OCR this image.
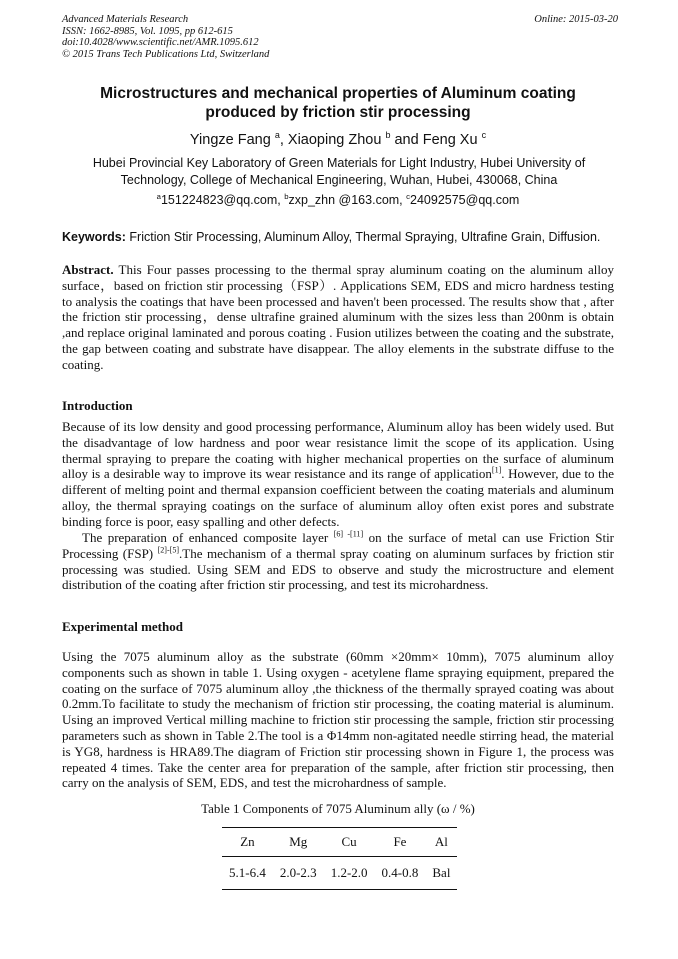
Advanced Materials Research
ISSN: 1662-8985, Vol. 1095, pp 612-615
doi:10.4028/www.scientific.net/AMR.1095.612
© 2015 Trans Tech Publications Ltd, Switzerland
Online: 2015-03-20
Microstructures and mechanical properties of Aluminum coating
produced by friction stir processing
Yingze Fang $^a$, Xiaoping Zhou $^b$ and Feng Xu $^c$
Hubei Provincial Key Laboratory of Green Materials for Light Industry, Hubei University of Technology, College of Mechanical Engineering, Wuhan, Hubei, 430068, China
$^a$151224823@qq.com, $^b$zxp_zhn @163.com, $^c$24092575@qq.com
Keywords: Friction Stir Processing, Aluminum Alloy, Thermal Spraying, Ultrafine Grain, Diffusion.
Abstract. This Four passes processing to the thermal spray aluminum coating on the aluminum alloy surface，based on friction stir processing（FSP）. Applications SEM, EDS and micro hardness testing to analysis the coatings that have been processed and haven't been processed. The results show that , after the friction stir processing，dense ultrafine grained aluminum with the sizes less than 200nm is obtain ,and replace original laminated and porous coating . Fusion utilizes between the coating and the substrate, the gap between coating and substrate have disappear. The alloy elements in the substrate diffuse to the coating.
Introduction
Because of its low density and good processing performance, Aluminum alloy has been widely used. But the disadvantage of low hardness and poor wear resistance limit the scope of its application. Using thermal spraying to prepare the coating with higher mechanical properties on the surface of aluminum alloy is a desirable way to improve its wear resistance and its range of application[1]. However, due to the different of melting point and thermal expansion coefficient between the coating materials and aluminum alloy, the thermal spraying coatings on the surface of aluminum alloy often exist pores and substrate binding force is poor, easy spalling and other defects.
The preparation of enhanced composite layer [6] -[11] on the surface of metal can use Friction Stir Processing (FSP) [2]-[5].The mechanism of a thermal spray coating on aluminum surfaces by friction stir processing was studied. Using SEM and EDS to observe and study the microstructure and element distribution of the coating after friction stir processing, and test its microhardness.
Experimental method
Using the 7075 aluminum alloy as the substrate (60mm ×20mm× 10mm), 7075 aluminum alloy components such as shown in table 1. Using oxygen - acetylene flame spraying equipment, prepared the coating on the surface of 7075 aluminum alloy ,the thickness of the thermally sprayed coating was about 0.2mm.To facilitate to study the mechanism of friction stir processing, the coating material is aluminum. Using an improved Vertical milling machine to friction stir processing the sample, friction stir processing parameters such as shown in Table 2.The tool is a Φ14mm non-agitated needle stirring head, the material is YG8, hardness is HRA89.The diagram of Friction stir processing shown in Figure 1, the process was repeated 4 times. Take the center area for preparation of the sample, after friction stir processing, then carry on the analysis of SEM, EDS, and test the microhardness of sample.
Table 1 Components of 7075 Aluminum ally (ω / %)
Zn	Mg	Cu	Fe	Al
5.1-6.4	2.0-2.3	1.2-2.0	0.4-0.8	Bal
